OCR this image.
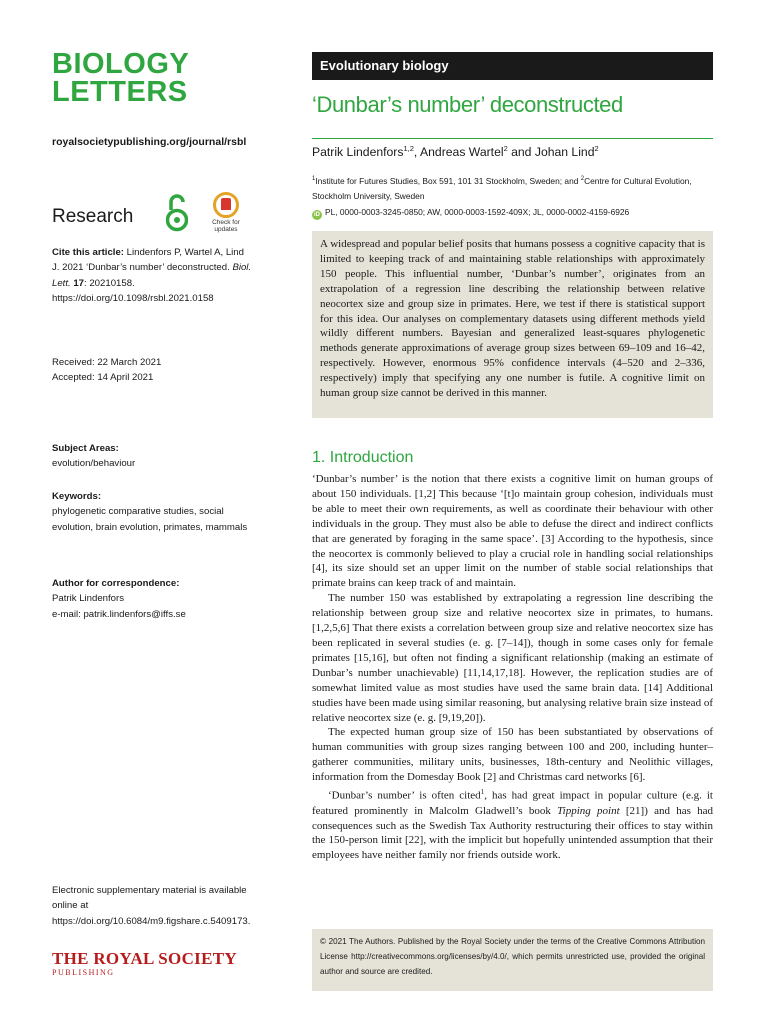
BIOLOGY
LETTERS
royalsocietypublishing.org/journal/rsbl
Research	Check for updates
Cite this article: Lindenfors P, Wartel A, Lind J. 2021 ‘Dunbar’s number’ deconstructed. Biol. Lett. 17: 20210158.
https://doi.org/10.1098/rsbl.2021.0158
Received: 22 March 2021
Accepted: 14 April 2021
Subject Areas:
evolution/behaviour
Keywords:
phylogenetic comparative studies, social evolution, brain evolution, primates, mammals
Author for correspondence:
Patrik Lindenfors
e-mail: patrik.lindenfors@iffs.se
Electronic supplementary material is available online at https://doi.org/10.6084/m9.figshare.c.5409173.
THE ROYAL SOCIETY
PUBLISHING
Evolutionary biology
‘Dunbar’s number’ deconstructed
Patrik Lindenfors$^{1,2}$, Andreas Wartel$^2$ and Johan Lind$^2$
$^1$Institute for Futures Studies, Box 591, 101 31 Stockholm, Sweden; and $^2$Centre for Cultural Evolution, Stockholm University, Sweden
iD PL, 0000-0003-3245-0850; AW, 0000-0003-1592-409X; JL, 0000-0002-4159-6926
A widespread and popular belief posits that humans possess a cognitive capacity that is limited to keeping track of and maintaining stable relationships with approximately 150 people. This influential number, ‘Dunbar’s number’, originates from an extrapolation of a regression line describing the relationship between relative neocortex size and group size in primates. Here, we test if there is statistical support for this idea. Our analyses on complementary datasets using different methods yield wildly different numbers. Bayesian and generalized least-squares phylogenetic methods generate approximations of average group sizes between 69–109 and 16–42, respectively. However, enormous 95% confidence intervals (4–520 and 2–336, respectively) imply that specifying any one number is futile. A cognitive limit on human group size cannot be derived in this manner.
1. Introduction

‘Dunbar’s number’ is the notion that there exists a cognitive limit on human groups of about 150 individuals. [1,2] This because ‘[t]o maintain group cohesion, individuals must be able to meet their own requirements, as well as coordinate their behaviour with other individuals in the group. They must also be able to defuse the direct and indirect conflicts that are generated by foraging in the same space’. [3] According to the hypothesis, since the neocortex is commonly believed to play a crucial role in handling social relationships [4], its size should set an upper limit on the number of stable social relationships that primate brains can keep track of and maintain.

The number 150 was established by extrapolating a regression line describing the relationship between group size and relative neocortex size in primates, to humans. [1,2,5,6] That there exists a correlation between group size and relative neocortex size has been replicated in several studies (e. g. [7–14]), though in some cases only for female primates [15,16], but often not finding a significant relationship (making an estimate of Dunbar’s number unachievable) [11,14,17,18]. However, the replication studies are of somewhat limited value as most studies have used the same brain data. [14] Additional studies have been made using similar reasoning, but analysing relative brain size instead of relative neocortex size (e. g. [9,19,20]).

The expected human group size of 150 has been substantiated by observations of human communities with group sizes ranging between 100 and 200, including hunter–gatherer communities, military units, businesses, 18th-century and Neolithic villages, information from the Domesday Book [2] and Christmas card networks [6].

‘Dunbar’s number’ is often cited$^1$, has had great impact in popular culture (e.g. it featured prominently in Malcolm Gladwell’s book Tipping point [21]) and has had consequences such as the Swedish Tax Authority restructuring their offices to stay within the 150-person limit [22], with the implicit but hopefully unintended assumption that their employees have neither family nor friends outside work.

© 2021 The Authors. Published by the Royal Society under the terms of the Creative Commons Attribution License http://creativecommons.org/licenses/by/4.0/, which permits unrestricted use, provided the original author and source are credited.
